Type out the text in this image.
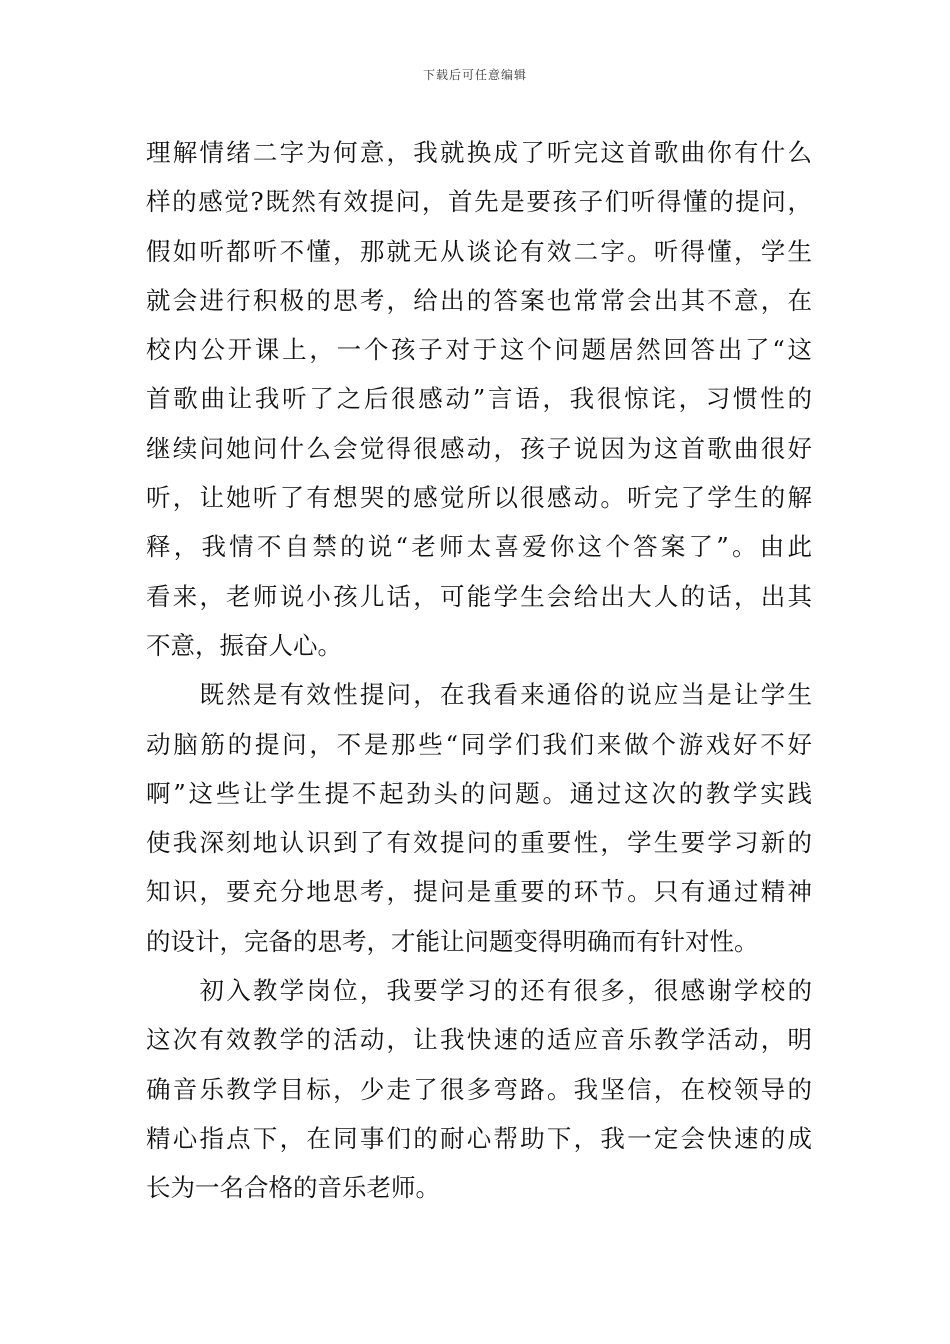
下载后可任意编辑
理解情绪二字为何意，我就换成了听完这首歌曲你有什么
样的感觉?既然有效提问，首先是要孩子们听得懂的提问，
假如听都听不懂，那就无从谈论有效二字。听得懂，学生
就会进行积极的思考，给出的答案也常常会出其不意，在
校内公开课上，一个孩子对于这个问题居然回答出了“这
首歌曲让我听了之后很感动”言语，我很惊诧，习惯性的
继续问她问什么会觉得很感动，孩子说因为这首歌曲很好
听，让她听了有想哭的感觉所以很感动。听完了学生的解
释，我情不自禁的说“老师太喜爱你这个答案了”。由此
看来，老师说小孩儿话，可能学生会给出大人的话，出其
不意，振奋人心。
　　既然是有效性提问，在我看来通俗的说应当是让学生
动脑筋的提问，不是那些“同学们我们来做个游戏好不好
啊”这些让学生提不起劲头的问题。通过这次的教学实践
使我深刻地认识到了有效提问的重要性，学生要学习新的
知识，要充分地思考，提问是重要的环节。只有通过精神
的设计，完备的思考，才能让问题变得明确而有针对性。
　　初入教学岗位，我要学习的还有很多，很感谢学校的
这次有效教学的活动，让我快速的适应音乐教学活动，明
确音乐教学目标，少走了很多弯路。我坚信，在校领导的
精心指点下，在同事们的耐心帮助下，我一定会快速的成
长为一名合格的音乐老师。
